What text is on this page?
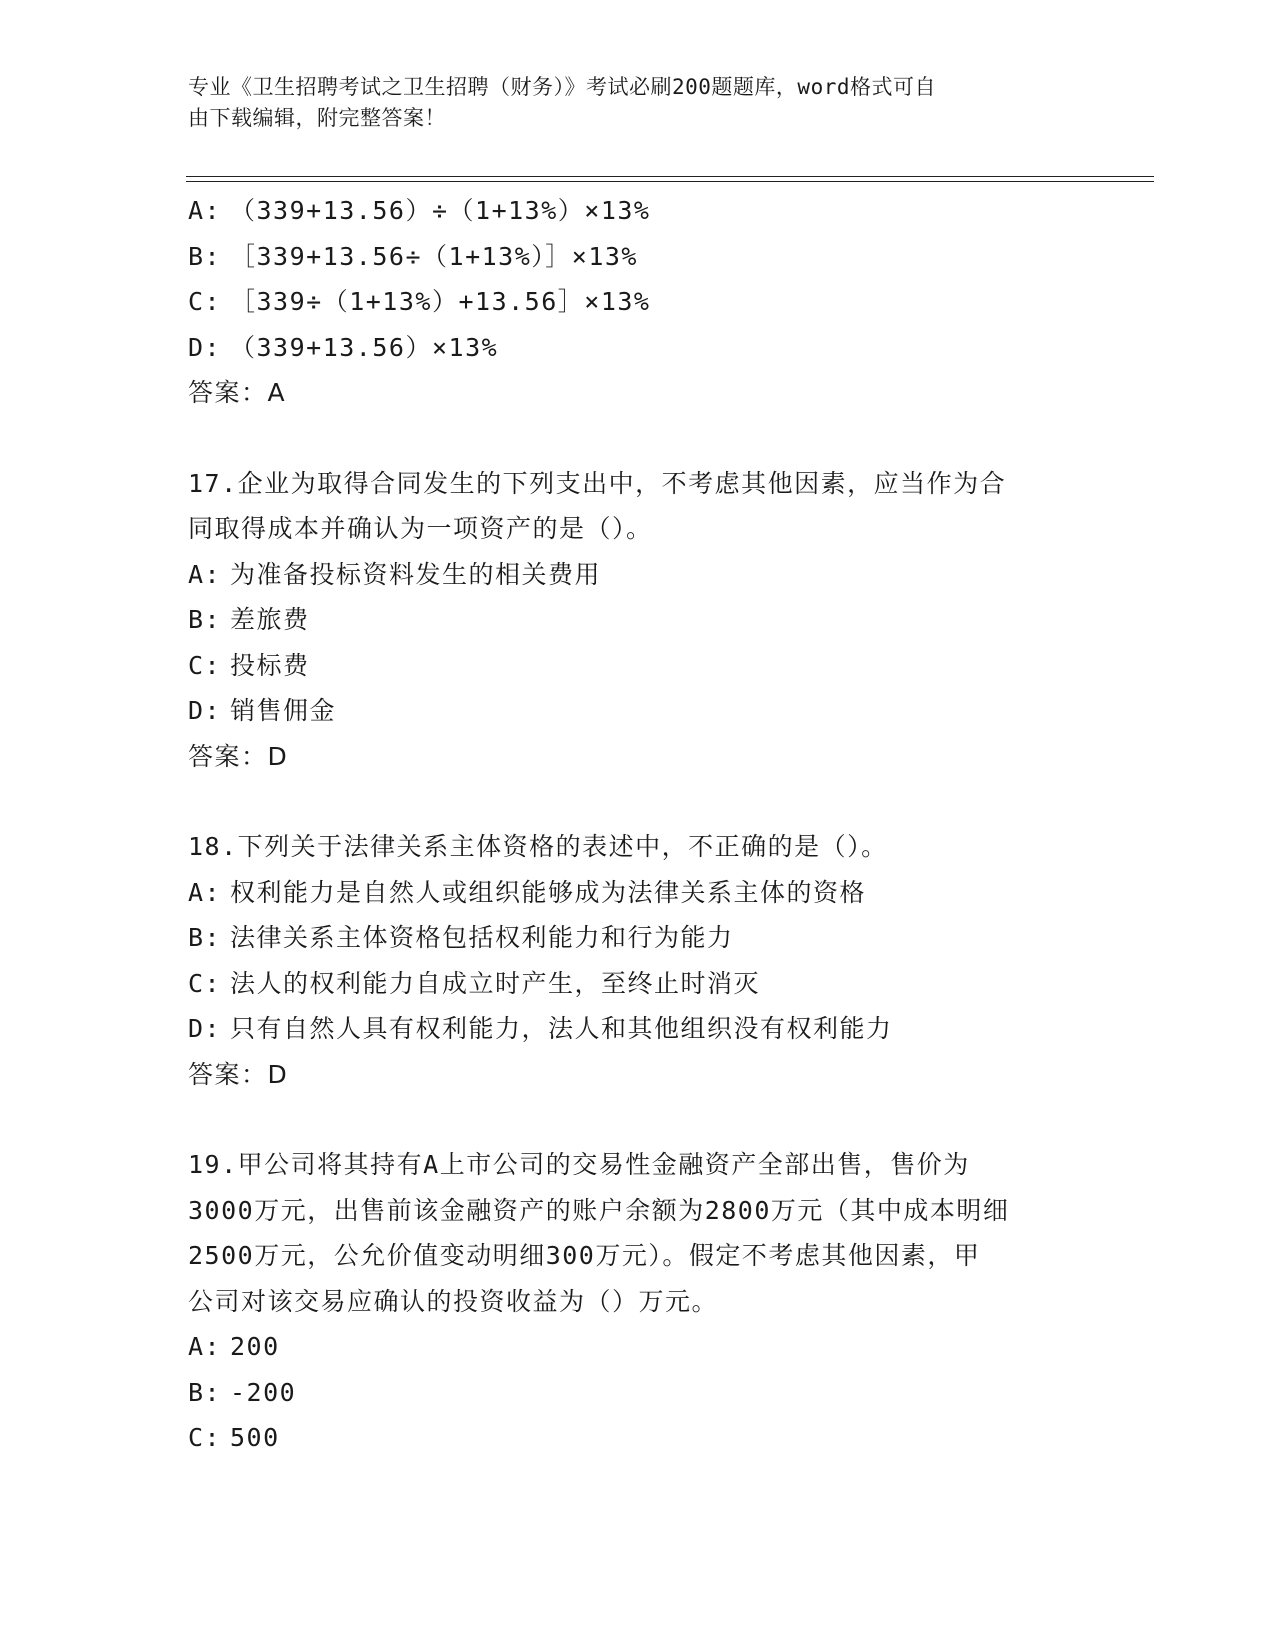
专业《卫生招聘考试之卫生招聘（财务）》考试必刷200题题库，word格式可自
由下载编辑，附完整答案！
A: （339+13.56）÷（1+13%）×13%
B: ［339+13.56÷（1+13%）］×13%
C: ［339÷（1+13%）+13.56］×13%
D: （339+13.56）×13%
答案：A
17.企业为取得合同发生的下列支出中，不考虑其他因素，应当作为合
同取得成本并确认为一项资产的是（）。
A: 为准备投标资料发生的相关费用
B: 差旅费
C: 投标费
D: 销售佣金
答案：D
18.下列关于法律关系主体资格的表述中，不正确的是（）。
A: 权利能力是自然人或组织能够成为法律关系主体的资格
B: 法律关系主体资格包括权利能力和行为能力
C: 法人的权利能力自成立时产生，至终止时消灭
D: 只有自然人具有权利能力，法人和其他组织没有权利能力
答案：D
19.甲公司将其持有A上市公司的交易性金融资产全部出售，售价为
3000万元，出售前该金融资产的账户余额为2800万元（其中成本明细
2500万元，公允价值变动明细300万元）。假定不考虑其他因素，甲
公司对该交易应确认的投资收益为（）万元。
A: 200
B: -200
C: 500
